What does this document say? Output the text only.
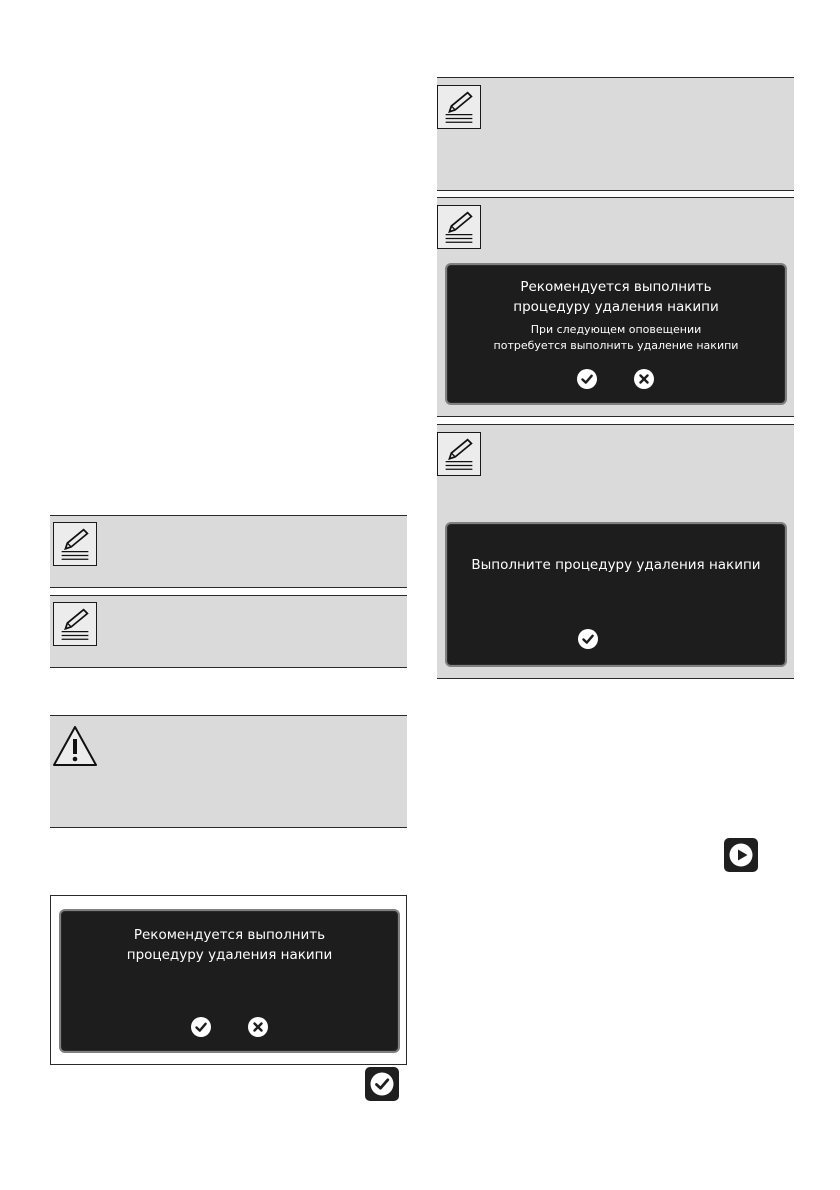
Рекомендуется выполнить

процедуру удаления накипи

При следующем оповещении

потребуется выполнить удаление накипи

Выполните процедуру удаления накипи

Рекомендуется выполнить

процедуру удаления накипи
